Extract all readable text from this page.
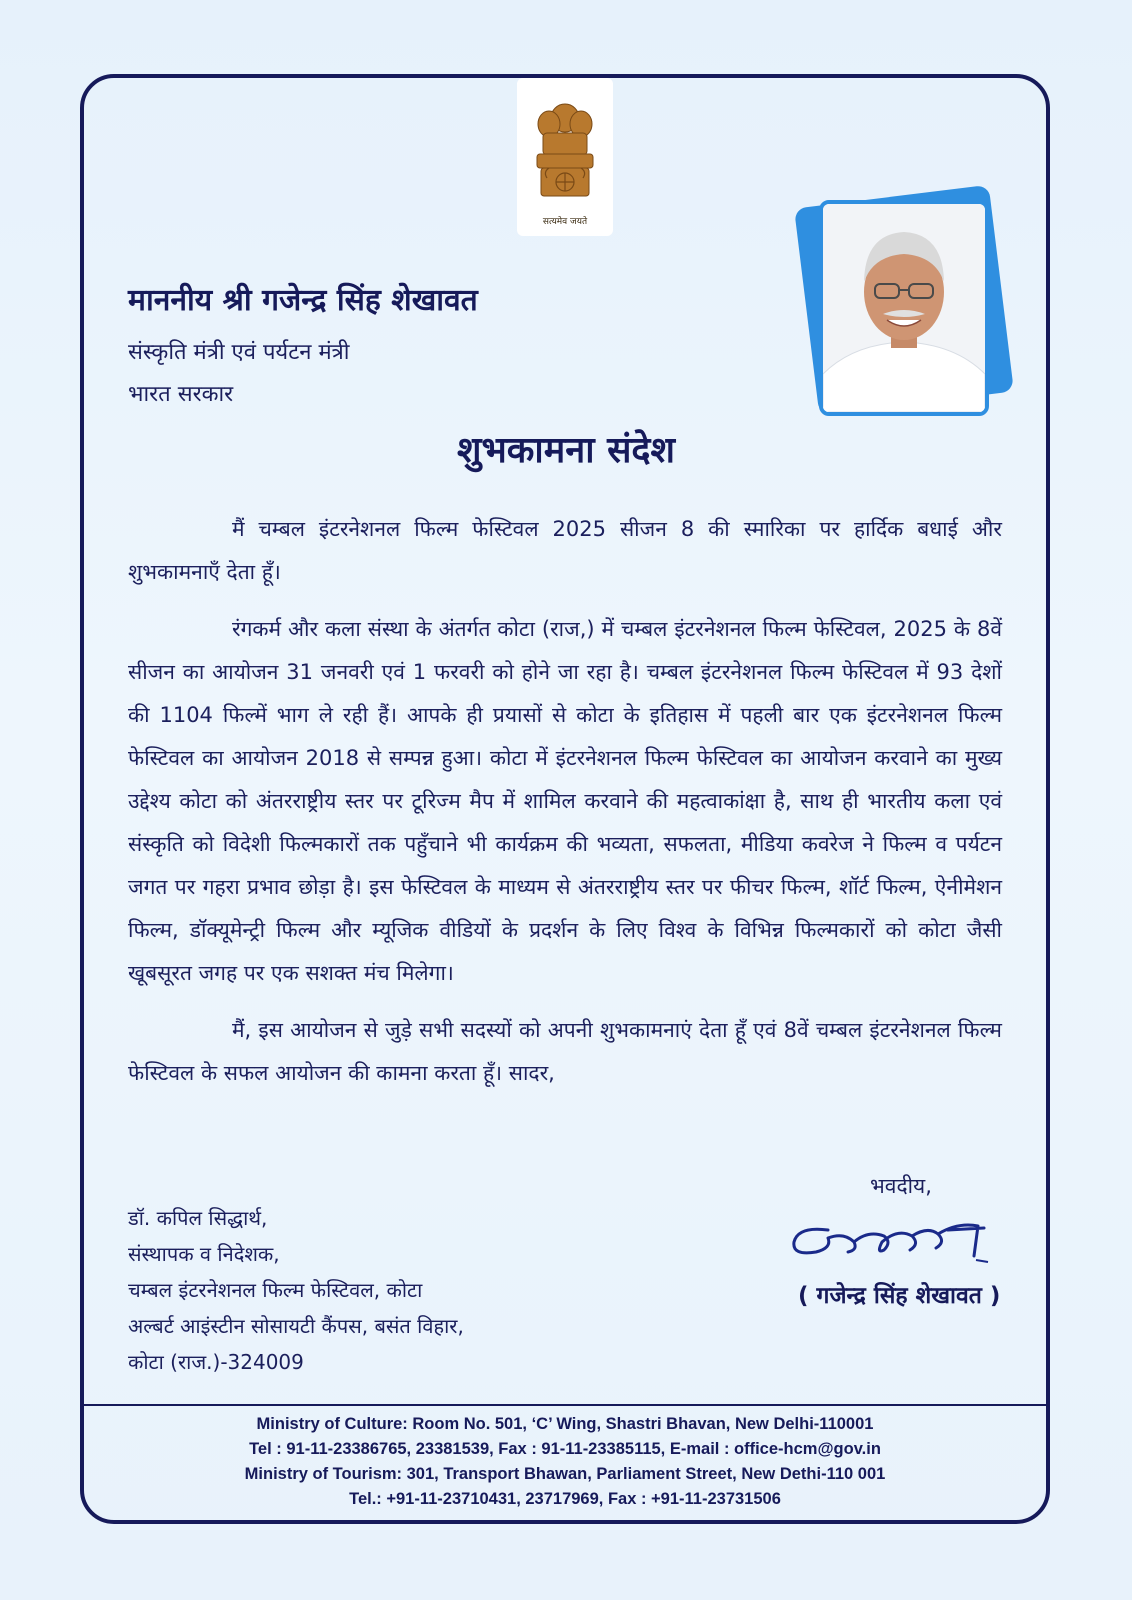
सत्यमेव जयते
माननीय श्री गजेन्द्र सिंह शेखावत
संस्कृति मंत्री एवं पर्यटन मंत्री
भारत सरकार
शुभकामना संदेश

मैं चम्बल इंटरनेशनल फिल्म फेस्टिवल 2025 सीजन 8 की स्मारिका पर हार्दिक बधाई और शुभकामनाएँ देता हूँ।

रंगकर्म और कला संस्था के अंतर्गत कोटा (राज,) में चम्बल इंटरनेशनल फिल्म फेस्टिवल, 2025 के 8वें सीजन का आयोजन 31 जनवरी एवं 1 फरवरी को होने जा रहा है। चम्बल इंटरनेशनल फिल्म फेस्टिवल में 93 देशों की 1104 फिल्में भाग ले रही हैं। आपके ही प्रयासों से कोटा के इतिहास में पहली बार एक इंटरनेशनल फिल्म फेस्टिवल का आयोजन 2018 से सम्पन्न हुआ। कोटा में इंटरनेशनल फिल्म फेस्टिवल का आयोजन करवाने का मुख्य उद्देश्य कोटा को अंतरराष्ट्रीय स्तर पर टूरिज्म मैप में शामिल करवाने की महत्वाकांक्षा है, साथ ही भारतीय कला एवं संस्कृति को विदेशी फिल्मकारों तक पहुँचाने भी कार्यक्रम की भव्यता, सफलता, मीडिया कवरेज ने फिल्म व पर्यटन जगत पर गहरा प्रभाव छोड़ा है। इस फेस्टिवल के माध्यम से अंतरराष्ट्रीय स्तर पर फीचर फिल्म, शॉर्ट फिल्म, ऐनीमेशन फिल्म, डॉक्यूमेन्ट्री फिल्म और म्यूजिक वीडियों के प्रदर्शन के लिए विश्व के विभिन्न फिल्मकारों को कोटा जैसी खूबसूरत जगह पर एक सशक्त मंच मिलेगा।

मैं, इस आयोजन से जुड़े सभी सदस्यों को अपनी शुभकामनाएं देता हूँ एवं 8वें चम्बल इंटरनेशनल फिल्म फेस्टिवल के सफल आयोजन की कामना करता हूँ। सादर,

भवदीय,
( गजेन्द्र सिंह शेखावत )
डॉ. कपिल सिद्धार्थ,
संस्थापक व निदेशक,
चम्बल इंटरनेशनल फिल्म फेस्टिवल, कोटा
अल्बर्ट आइंस्टीन सोसायटी कैंपस, बसंत विहार,
कोटा (राज.)-324009
Ministry of Culture: Room No. 501, ‘C’ Wing, Shastri Bhavan, New Delhi-110001
Tel : 91-11-23386765, 23381539, Fax : 91-11-23385115, E-mail : office-hcm@gov.in
Ministry of Tourism: 301, Transport Bhawan, Parliament Street, New Dethi-110 001
Tel.: +91-11-23710431, 23717969, Fax : +91-11-23731506
